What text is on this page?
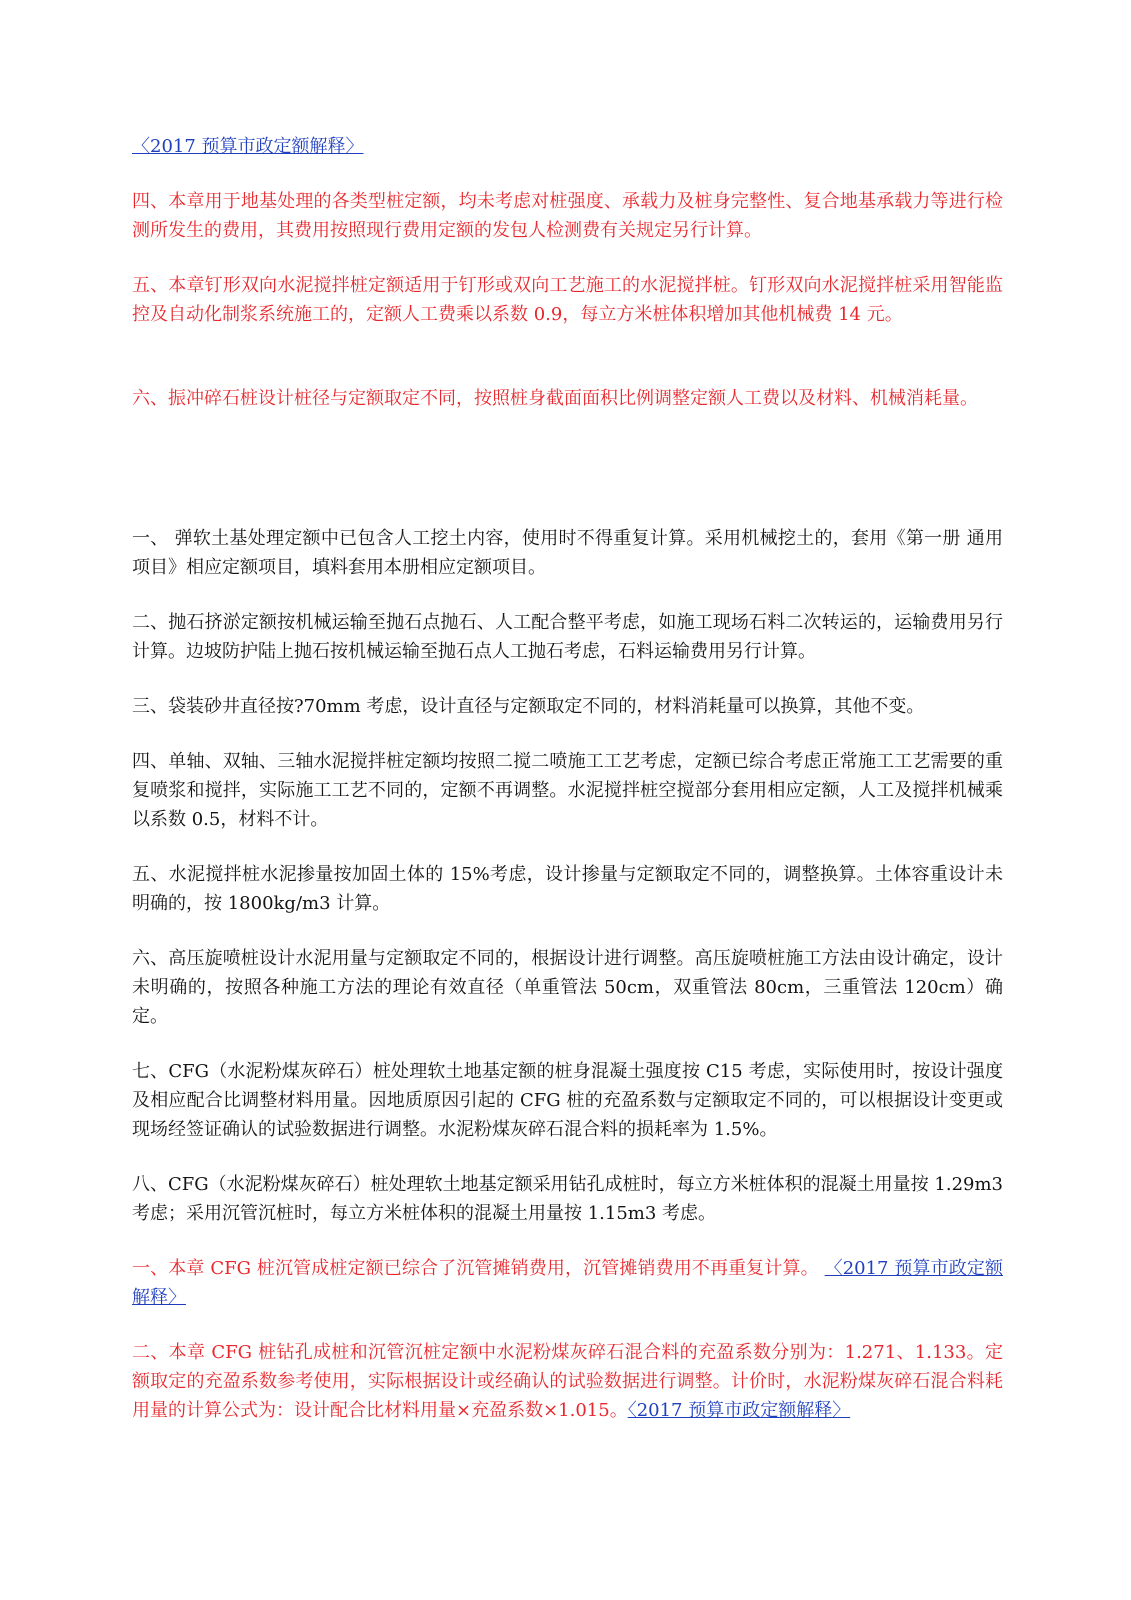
〈2017 预算市政定额解释〉

四、本章用于地基处理的各类型桩定额，均未考虑对桩强度、承载力及桩身完整性、复合地基承载力等进行检测所发生的费用，其费用按照现行费用定额的发包人检测费有关规定另行计算。

五、本章钉形双向水泥搅拌桩定额适用于钉形或双向工艺施工的水泥搅拌桩。钉形双向水泥搅拌桩采用智能监控及自动化制浆系统施工的，定额人工费乘以系数 0.9，每立方米桩体积增加其他机械费 14 元。

六、振冲碎石桩设计桩径与定额取定不同，按照桩身截面面积比例调整定额人工费以及材料、机械消耗量。

一、 弹软土基处理定额中已包含人工挖土内容，使用时不得重复计算。采用机械挖土的，套用《第一册 通用项目》相应定额项目，填料套用本册相应定额项目。

二、抛石挤淤定额按机械运输至抛石点抛石、人工配合整平考虑，如施工现场石料二次转运的，运输费用另行计算。边坡防护陆上抛石按机械运输至抛石点人工抛石考虑，石料运输费用另行计算。

三、袋装砂井直径按?70mm 考虑，设计直径与定额取定不同的，材料消耗量可以换算，其他不变。

四、单轴、双轴、三轴水泥搅拌桩定额均按照二搅二喷施工工艺考虑，定额已综合考虑正常施工工艺需要的重复喷浆和搅拌，实际施工工艺不同的，定额不再调整。水泥搅拌桩空搅部分套用相应定额，人工及搅拌机械乘以系数 0.5，材料不计。

五、水泥搅拌桩水泥掺量按加固土体的 15%考虑，设计掺量与定额取定不同的，调整换算。土体容重设计未明确的，按 1800kg/m3 计算。

六、高压旋喷桩设计水泥用量与定额取定不同的，根据设计进行调整。高压旋喷桩施工方法由设计确定，设计未明确的，按照各种施工方法的理论有效直径（单重管法 50cm，双重管法 80cm，三重管法 120cm）确定。

七、CFG（水泥粉煤灰碎石）桩处理软土地基定额的桩身混凝土强度按 C15 考虑，实际使用时，按设计强度及相应配合比调整材料用量。因地质原因引起的 CFG 桩的充盈系数与定额取定不同的，可以根据设计变更或现场经签证确认的试验数据进行调整。水泥粉煤灰碎石混合料的损耗率为 1.5%。

八、CFG（水泥粉煤灰碎石）桩处理软土地基定额采用钻孔成桩时，每立方米桩体积的混凝土用量按 1.29m3 考虑；采用沉管沉桩时，每立方米桩体积的混凝土用量按 1.15m3 考虑。

一、本章 CFG 桩沉管成桩定额已综合了沉管摊销费用，沉管摊销费用不再重复计算。 〈2017 预算市政定额解释〉

二、本章 CFG 桩钻孔成桩和沉管沉桩定额中水泥粉煤灰碎石混合料的充盈系数分别为：1.271、1.133。定额取定的充盈系数参考使用，实际根据设计或经确认的试验数据进行调整。计价时，水泥粉煤灰碎石混合料耗用量的计算公式为：设计配合比材料用量×充盈系数×1.015。〈2017 预算市政定额解释〉
